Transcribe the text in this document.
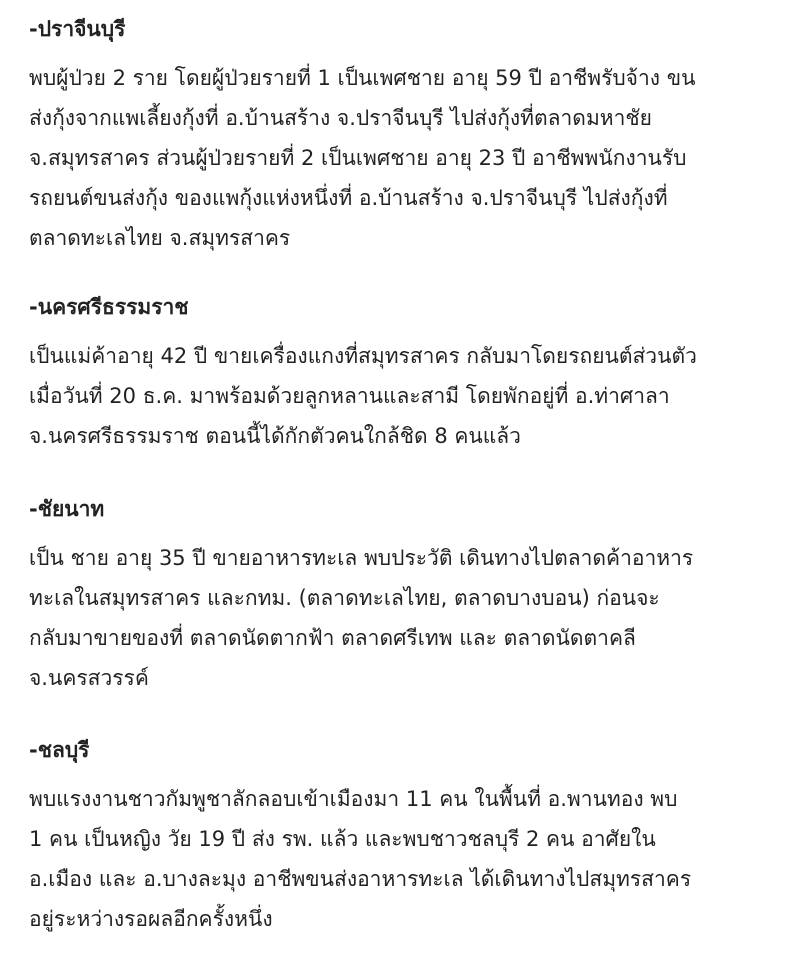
-ปราจีนบุรี

พบผู้ป่วย 2 ราย โดยผู้ป่วยรายที่ 1 เป็นเพศชาย อายุ 59 ปี อาชีพรับจ้าง ขน

ส่งกุ้งจากแพเลี้ยงกุ้งที่ อ.บ้านสร้าง จ.ปราจีนบุรี ไปส่งกุ้งที่ตลาดมหาชัย

จ.สมุทรสาคร ส่วนผู้ป่วยรายที่ 2 เป็นเพศชาย อายุ 23 ปี อาชีพพนักงานรับ

รถยนต์ขนส่งกุ้ง ของแพกุ้งแห่งหนึ่งที่ อ.บ้านสร้าง จ.ปราจีนบุรี ไปส่งกุ้งที่

ตลาดทะเลไทย จ.สมุทรสาคร

-นครศรีธรรมราช

เป็นแม่ค้าอายุ 42 ปี ขายเครื่องแกงที่สมุทรสาคร กลับมาโดยรถยนต์ส่วนตัว

เมื่อวันที่ 20 ธ.ค. มาพร้อมด้วยลูกหลานและสามี โดยพักอยู่ที่ อ.ท่าศาลา

จ.นครศรีธรรมราช ตอนนี้ได้กักตัวคนใกล้ชิด 8 คนแล้ว

-ชัยนาท

เป็น ชาย อายุ 35 ปี ขายอาหารทะเล พบประวัติ เดินทางไปตลาดค้าอาหาร

ทะเลในสมุทรสาคร และกทม. (ตลาดทะเลไทย, ตลาดบางบอน) ก่อนจะ

กลับมาขายของที่ ตลาดนัดตากฟ้า ตลาดศรีเทพ และ ตลาดนัดตาคลี

จ.นครสวรรค์

-ชลบุรี

พบแรงงานชาวกัมพูชาลักลอบเข้าเมืองมา 11 คน ในพื้นที่ อ.พานทอง พบ

1 คน เป็นหญิง วัย 19 ปี ส่ง รพ. แล้ว และพบชาวชลบุรี 2 คน อาศัยใน

อ.เมือง และ อ.บางละมุง อาชีพขนส่งอาหารทะเล ได้เดินทางไปสมุทรสาคร

อยู่ระหว่างรอผลอีกครั้งหนึ่ง
